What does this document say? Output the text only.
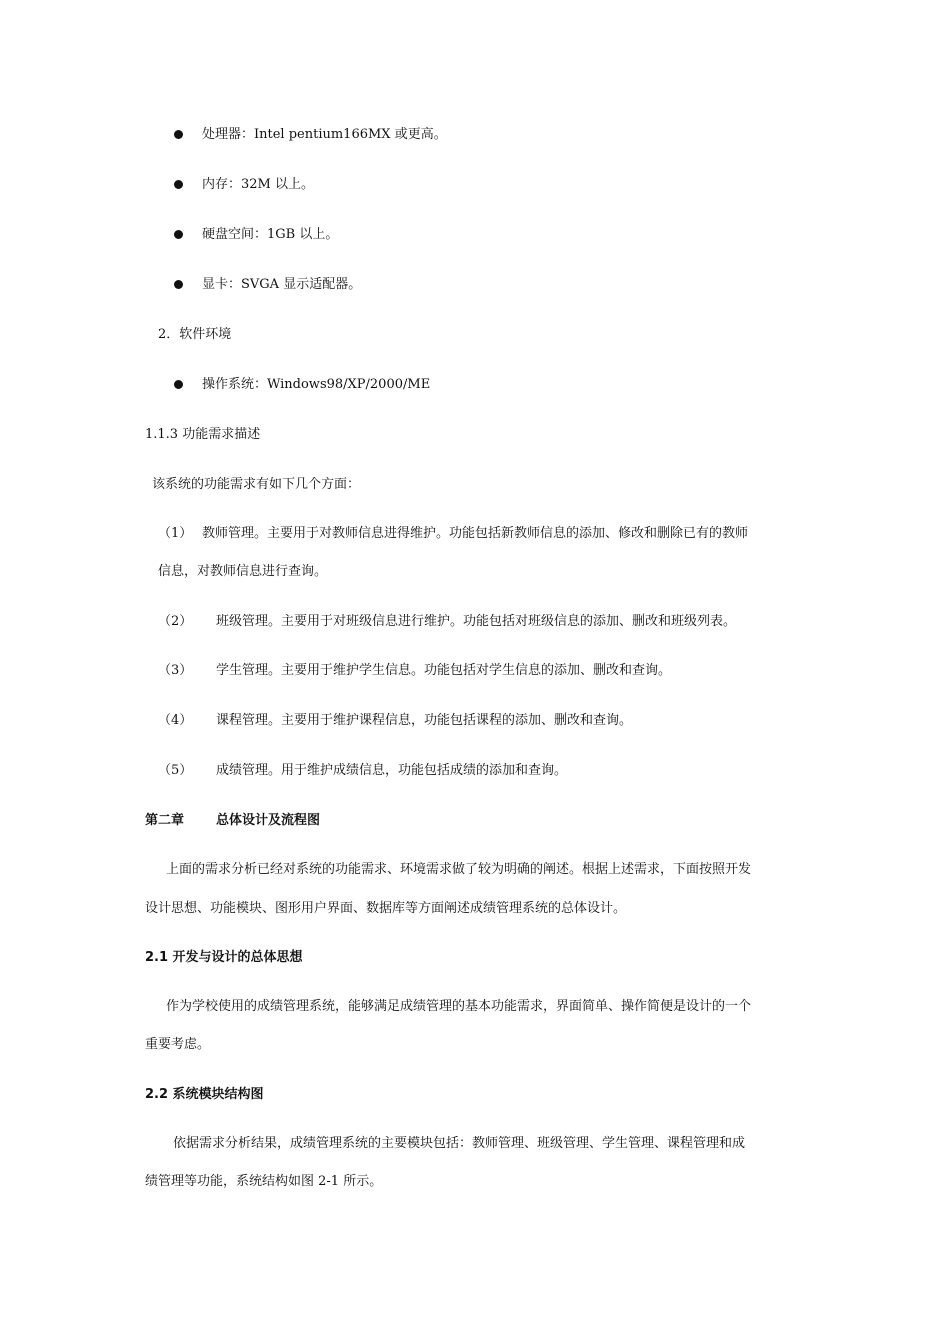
处理器：Intel pentium166MX 或更高。
内存：32M 以上。
硬盘空间：1GB 以上。
显卡：SVGA 显示适配器。
2．软件环境
操作系统：Windows98/XP/2000/ME
1.1.3 功能需求描述
该系统的功能需求有如下几个方面：
（1） 教师管理。主要用于对教师信息进得维护。功能包括新教师信息的添加、修改和删除已有的教师
信息，对教师信息进行查询。
（2） 班级管理。主要用于对班级信息进行维护。功能包括对班级信息的添加、删改和班级列表。
（3） 学生管理。主要用于维护学生信息。功能包括对学生信息的添加、删改和查询。
（4） 课程管理。主要用于维护课程信息，功能包括课程的添加、删改和查询。
（5） 成绩管理。用于维护成绩信息，功能包括成绩的添加和查询。
第二章 总体设计及流程图
上面的需求分析已经对系统的功能需求、环境需求做了较为明确的阐述。根据上述需求，下面按照开发
设计思想、功能模块、图形用户界面、数据库等方面阐述成绩管理系统的总体设计。
2.1 开发与设计的总体思想
作为学校使用的成绩管理系统，能够满足成绩管理的基本功能需求，界面简单、操作简便是设计的一个
重要考虑。
2.2 系统模块结构图
依据需求分析结果，成绩管理系统的主要模块包括：教师管理、班级管理、学生管理、课程管理和成
绩管理等功能，系统结构如图 2-1 所示。
